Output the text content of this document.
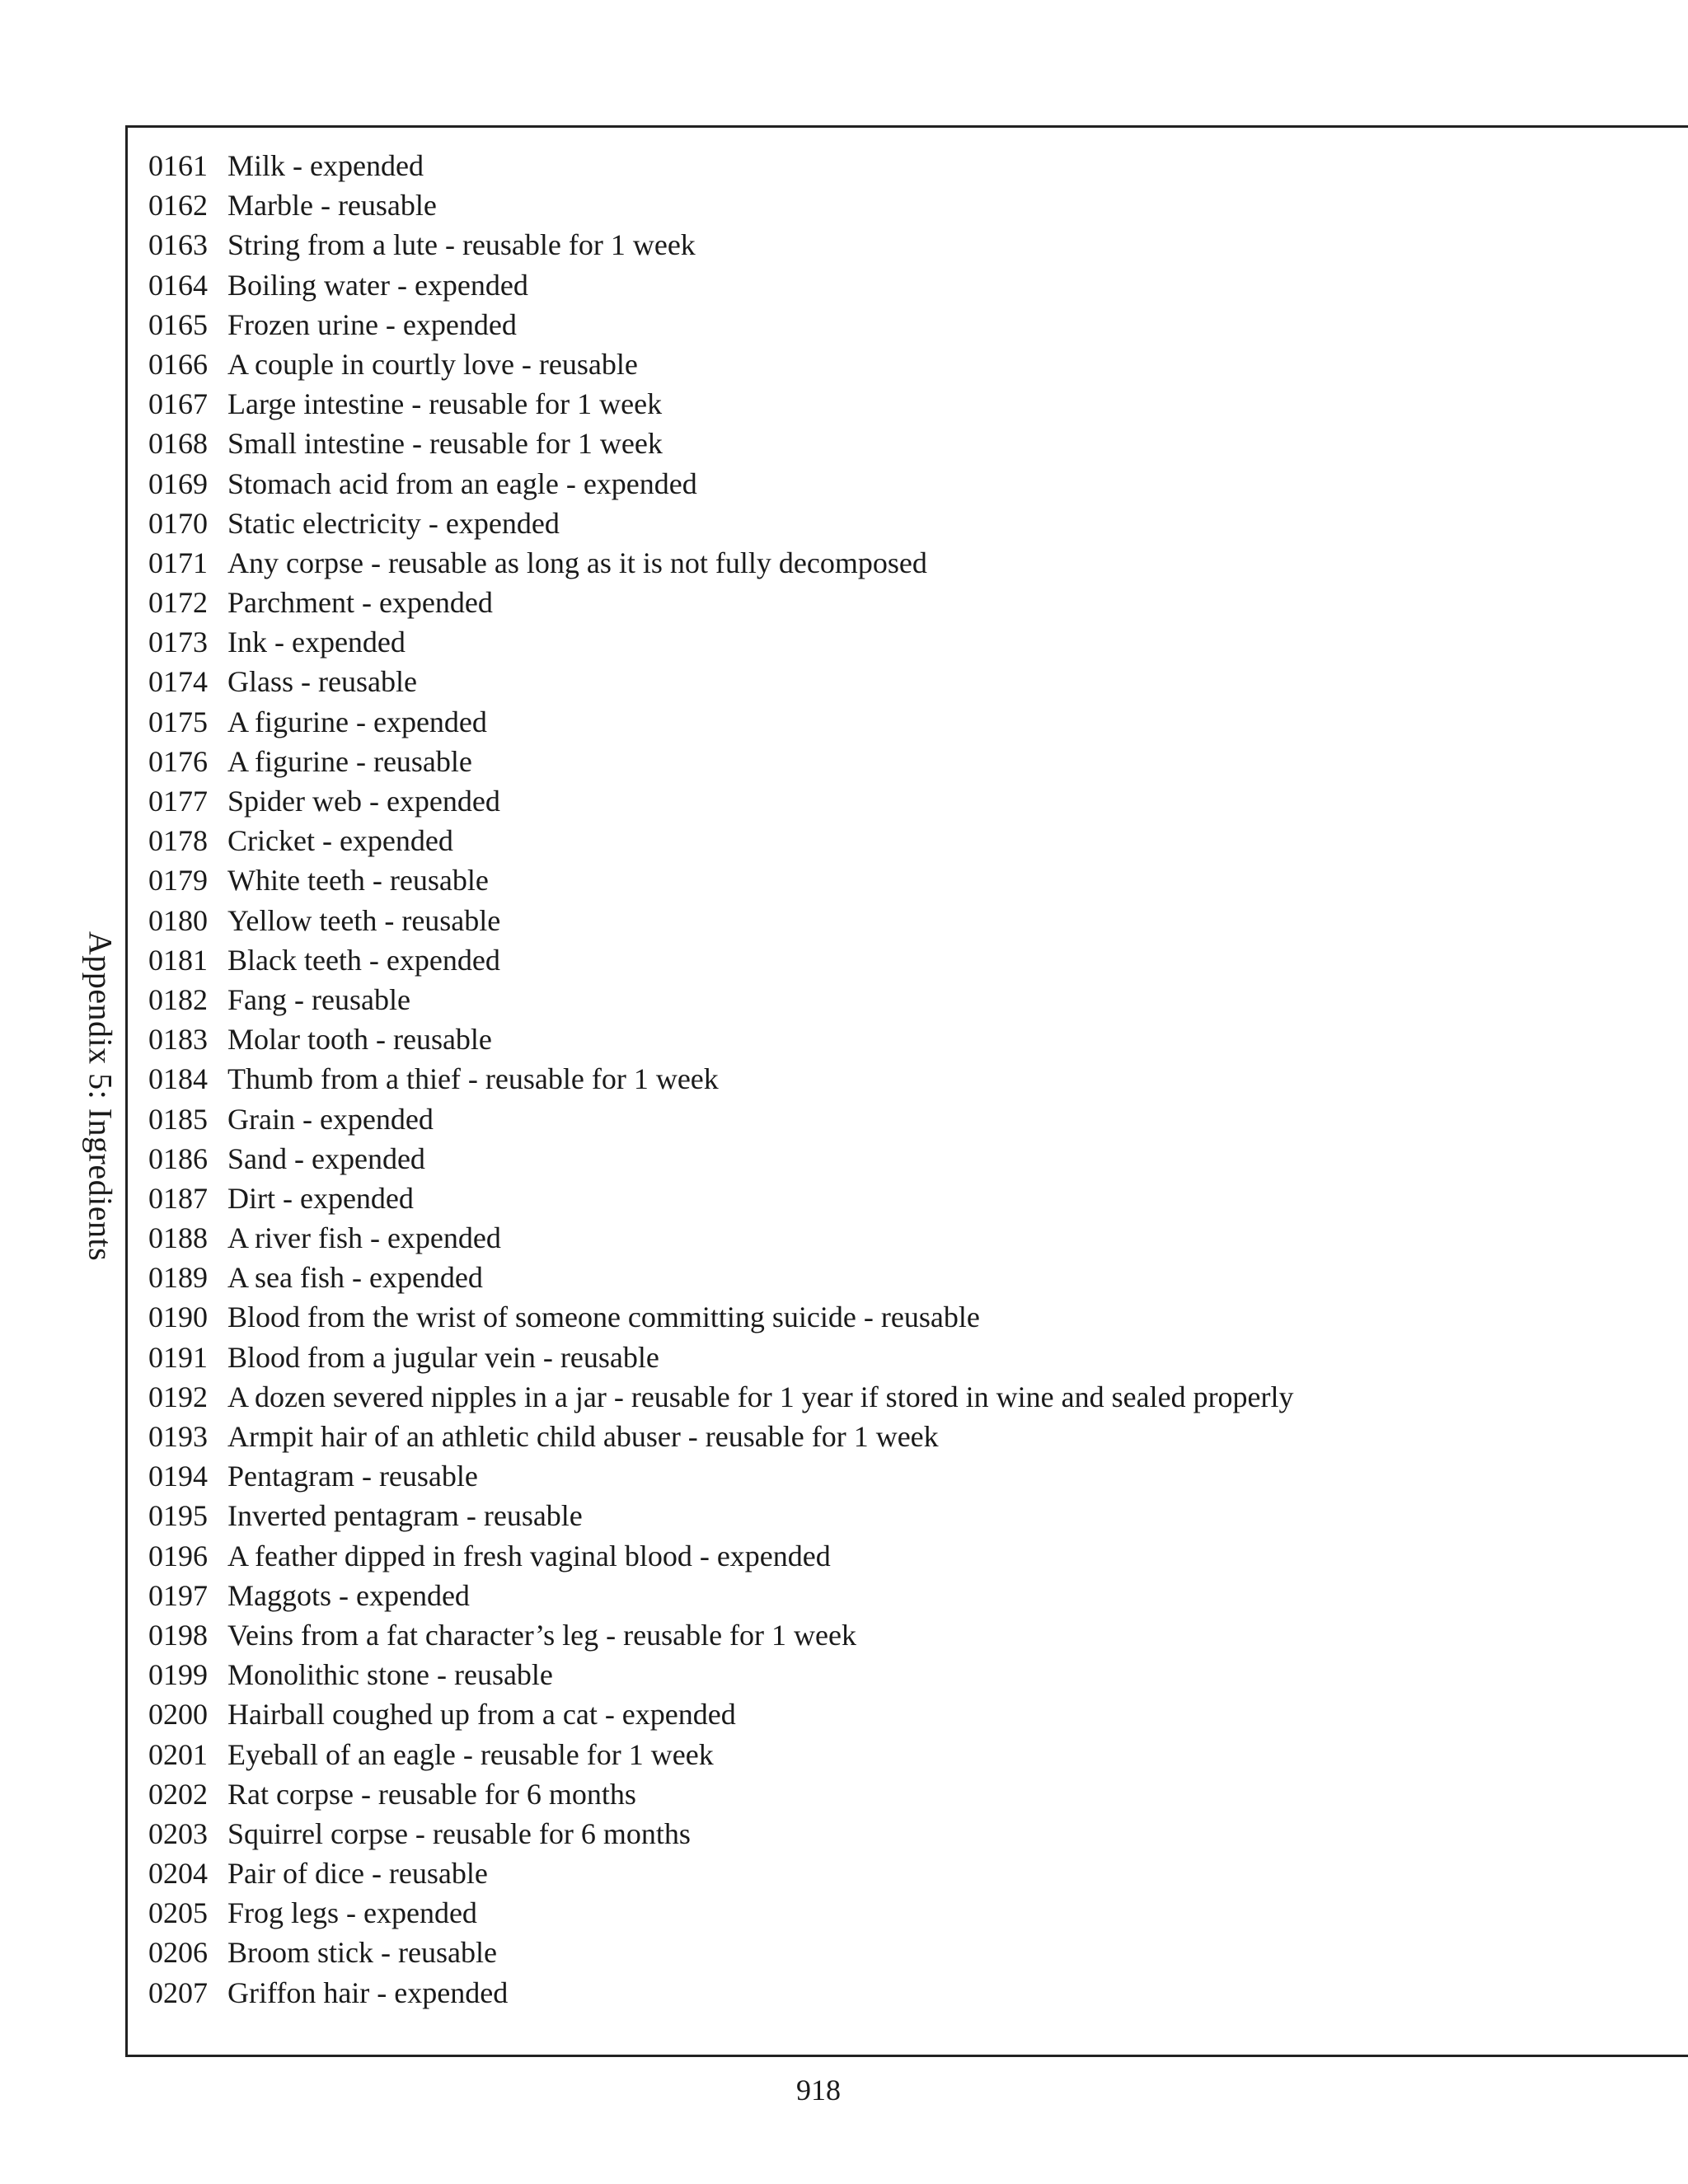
Appendix 5: Ingredients
0161 Milk - expended
0162 Marble - reusable
0163 String from a lute - reusable for 1 week
0164 Boiling water - expended
0165 Frozen urine - expended
0166 A couple in courtly love - reusable
0167 Large intestine - reusable for 1 week
0168 Small intestine - reusable for 1 week
0169 Stomach acid from an eagle - expended
0170 Static electricity - expended
0171 Any corpse - reusable as long as it is not fully decomposed
0172 Parchment - expended
0173 Ink - expended
0174 Glass - reusable
0175 A figurine - expended
0176 A figurine - reusable
0177 Spider web - expended
0178 Cricket - expended
0179 White teeth - reusable
0180 Yellow teeth - reusable
0181 Black teeth - expended
0182 Fang - reusable
0183 Molar tooth - reusable
0184 Thumb from a thief - reusable for 1 week
0185 Grain - expended
0186 Sand - expended
0187 Dirt - expended
0188 A river fish - expended
0189 A sea fish - expended
0190 Blood from the wrist of someone committing suicide - reusable
0191 Blood from a jugular vein - reusable
0192 A dozen severed nipples in a jar - reusable for 1 year if stored in wine and sealed properly
0193 Armpit hair of an athletic child abuser - reusable for 1 week
0194 Pentagram - reusable
0195 Inverted pentagram - reusable
0196 A feather dipped in fresh vaginal blood - expended
0197 Maggots - expended
0198 Veins from a fat character’s leg - reusable for 1 week
0199 Monolithic stone - reusable
0200 Hairball coughed up from a cat - expended
0201 Eyeball of an eagle - reusable for 1 week
0202 Rat corpse - reusable for 6 months
0203 Squirrel corpse - reusable for 6 months
0204 Pair of dice - reusable
0205 Frog legs - expended
0206 Broom stick - reusable
0207 Griffon hair - expended
918
